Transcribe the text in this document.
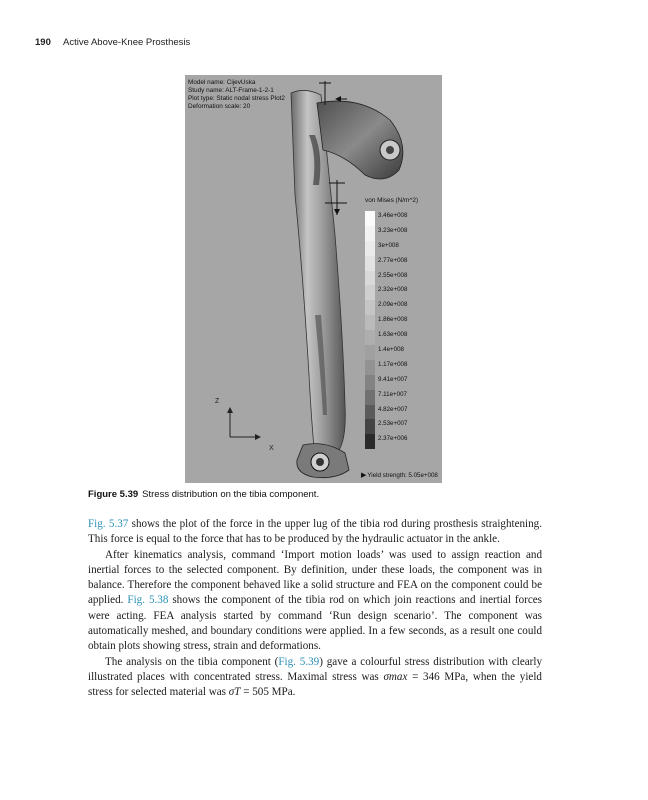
190 Active Above-Knee Prosthesis
Z
X
Model name: CijevUska
Study name: ALT-Frame-1-2-1
Plot type: Static nodal stress Plot2
Deformation scale: 20
von Mises (N/m^2)
3.46e+008
3.23e+008
3e+008
2.77e+008
2.55e+008
2.32e+008
2.09e+008
1.86e+008
1.63e+008
1.4e+008
1.17e+008
9.41e+007
7.11e+007
4.82e+007
2.53e+007
2.37e+006
▶Yield strength: 5.05e+008
Figure 5.39 Stress distribution on the tibia component.

Fig. 5.37 shows the plot of the force in the upper lug of the tibia rod during prosthesis straightening. This force is equal to the force that has to be produced by the hydraulic actuator in the ankle.

After kinematics analysis, command ‘Import motion loads’ was used to assign reaction and inertial forces to the selected component. By definition, under these loads, the component was in balance. Therefore the component behaved like a solid structure and FEA on the component could be applied. Fig. 5.38 shows the component of the tibia rod on which join reactions and inertial forces were acting. FEA analysis started by command ‘Run design scenario’. The component was automatically meshed, and boundary conditions were applied. In a few seconds, as a result one could obtain plots showing stress, strain and deformations.

The analysis on the tibia component (Fig. 5.39) gave a colourful stress distribution with clearly illustrated places with concentrated stress. Maximal stress was σmax = 346 MPa, when the yield stress for selected material was σT = 505 MPa.
